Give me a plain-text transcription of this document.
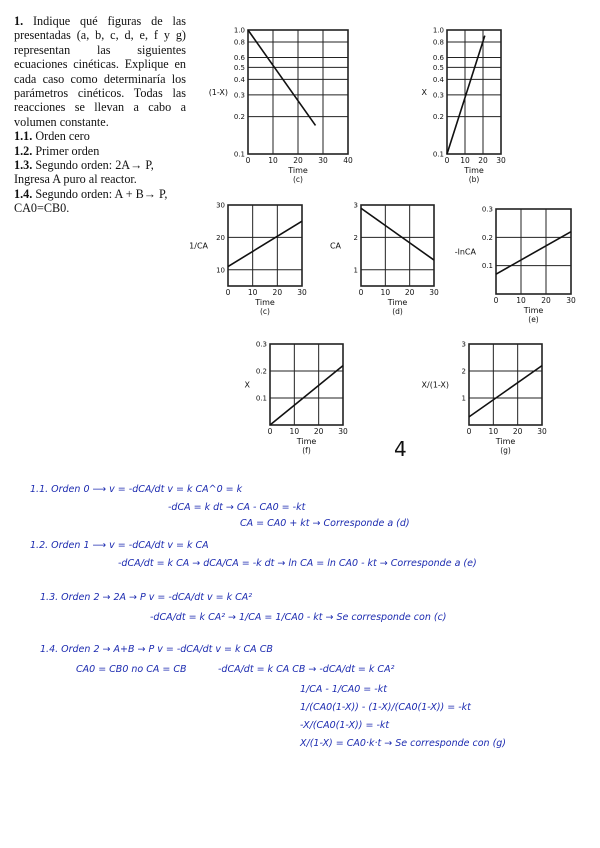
1. Indique qué figuras de las presentadas (a, b, c, d, e, f y g) representan las siguientes ecuaciones cinéticas. Explique en cada caso como determinaría los parámetros cinéticos. Todas las reacciones se llevan a cabo a volumen constante.

1.1. Orden cero
1.2. Primer orden
1.3. Segundo orden: 2A→ P, Ingresa A puro al reactor.
1.4. Segundo orden: A + B→ P, CA0=CB0.
0 10 20 30 40
0.1
0.2
0.3
0.4
0.5
0.6
0.8
1.0
Time
(c)
(1-X)
0 10 20 30
0.1
0.2
0.3
0.4
0.5
0.6
0.8
1.0
Time
(b)
X
0 10 20 30
10
20
30
Time
(c)
1/CA
0 10 20 30
1
2
3
Time
(d)
CA
0 10 20 30
0.1
0.2
0.3
Time
(e)
-lnCA
0 10 20 30
0.1
0.2
0.3
Time
(f)
X
0 10 20 30
1
2
3
Time
(g)
X/(1-X)
4
1.1. Orden 0 ⟶ v = -dCA/dt v = k CA^0 = k
-dCA = k dt → CA - CA0 = -kt
CA = CA0 + kt → Corresponde a (d)
1.2. Orden 1 ⟶ v = -dCA/dt v = k CA
-dCA/dt = k CA → dCA/CA = -k dt → ln CA = ln CA0 - kt → Corresponde a (e)
1.3. Orden 2 → 2A → P v = -dCA/dt v = k CA²
-dCA/dt = k CA² → 1/CA = 1/CA0 - kt → Se corresponde con (c)
1.4. Orden 2 → A+B → P v = -dCA/dt v = k CA CB
CA0 = CB0 no CA = CB	-dCA/dt = k CA CB → -dCA/dt = k CA²
1/CA - 1/CA0 = -kt
1/(CA0(1-X)) - (1-X)/(CA0(1-X)) = -kt
-X/(CA0(1-X)) = -kt
X/(1-X) = CA0·k·t → Se corresponde con (g)
